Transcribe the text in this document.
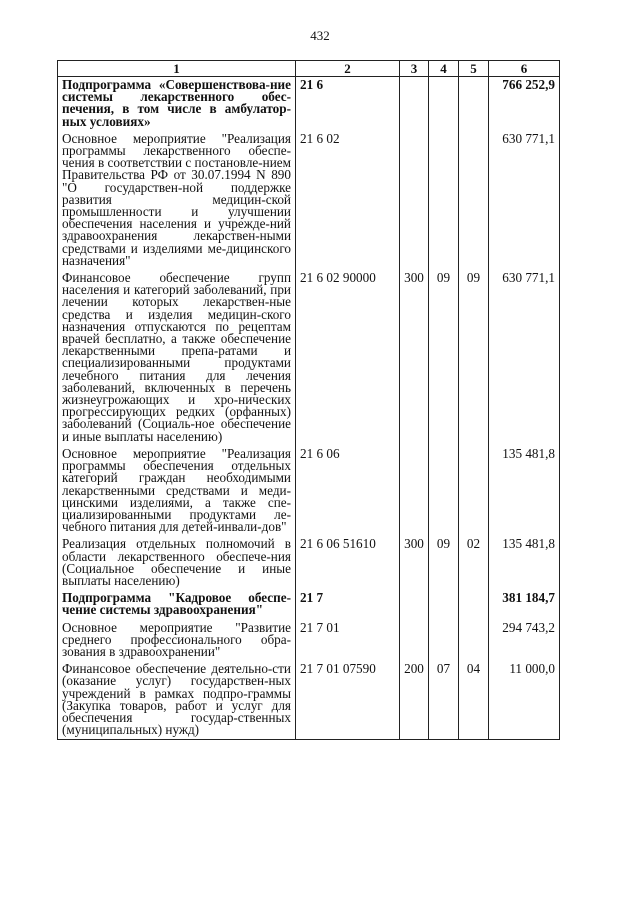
432
1	2	3	4	5	6
Подпрограмма «Совершенствова-ние системы лекарственного обес-печения, в том числе в амбулатор-ных условиях»	21 6				766 252,9
Основное мероприятие "Реализация программы лекарственного обеспе-чения в соответствии с постановле-нием Правительства РФ от 30.07.1994 N 890 "О государствен-ной поддержке развития медицин-ской промышленности и улучшении обеспечения населения и учрежде-ний здравоохранения лекарствен-ными средствами и изделиями ме-дицинского назначения"	21 6 02				630 771,1
Финансовое обеспечение групп населения и категорий заболеваний, при лечении которых лекарствен-ные средства и изделия медицин-ского назначения отпускаются по рецептам врачей бесплатно, а также обеспечение лекарственными препа-ратами и специализированными продуктами лечебного питания для лечения заболеваний, включенных в перечень жизнеугрожающих и хро-нических прогрессирующих редких (орфанных) заболеваний (Социаль-ное обеспечение и иные выплаты населению)	21 6 02 90000	300	09	09	630 771,1
Основное мероприятие "Реализация программы обеспечения отдельных категорий граждан необходимыми лекарственными средствами и меди-цинскими изделиями, а также спе-циализированными продуктами ле-чебного питания для детей-инвали-дов"	21 6 06				135 481,8
Реализация отдельных полномочий в области лекарственного обеспече-ния (Социальное обеспечение и иные выплаты населению)	21 6 06 51610	300	09	02	135 481,8
Подпрограмма "Кадровое обеспе-чение системы здравоохранения"	21 7				381 184,7
Основное мероприятие "Развитие среднего профессионального обра-зования в здравоохранении"	21 7 01				294 743,2
Финансовое обеспечение деятельно-сти (оказание услуг) государствен-ных учреждений в рамках подпро-граммы (Закупка товаров, работ и услуг для обеспечения государ-ственных (муниципальных) нужд)	21 7 01 07590	200	07	04	11 000,0
